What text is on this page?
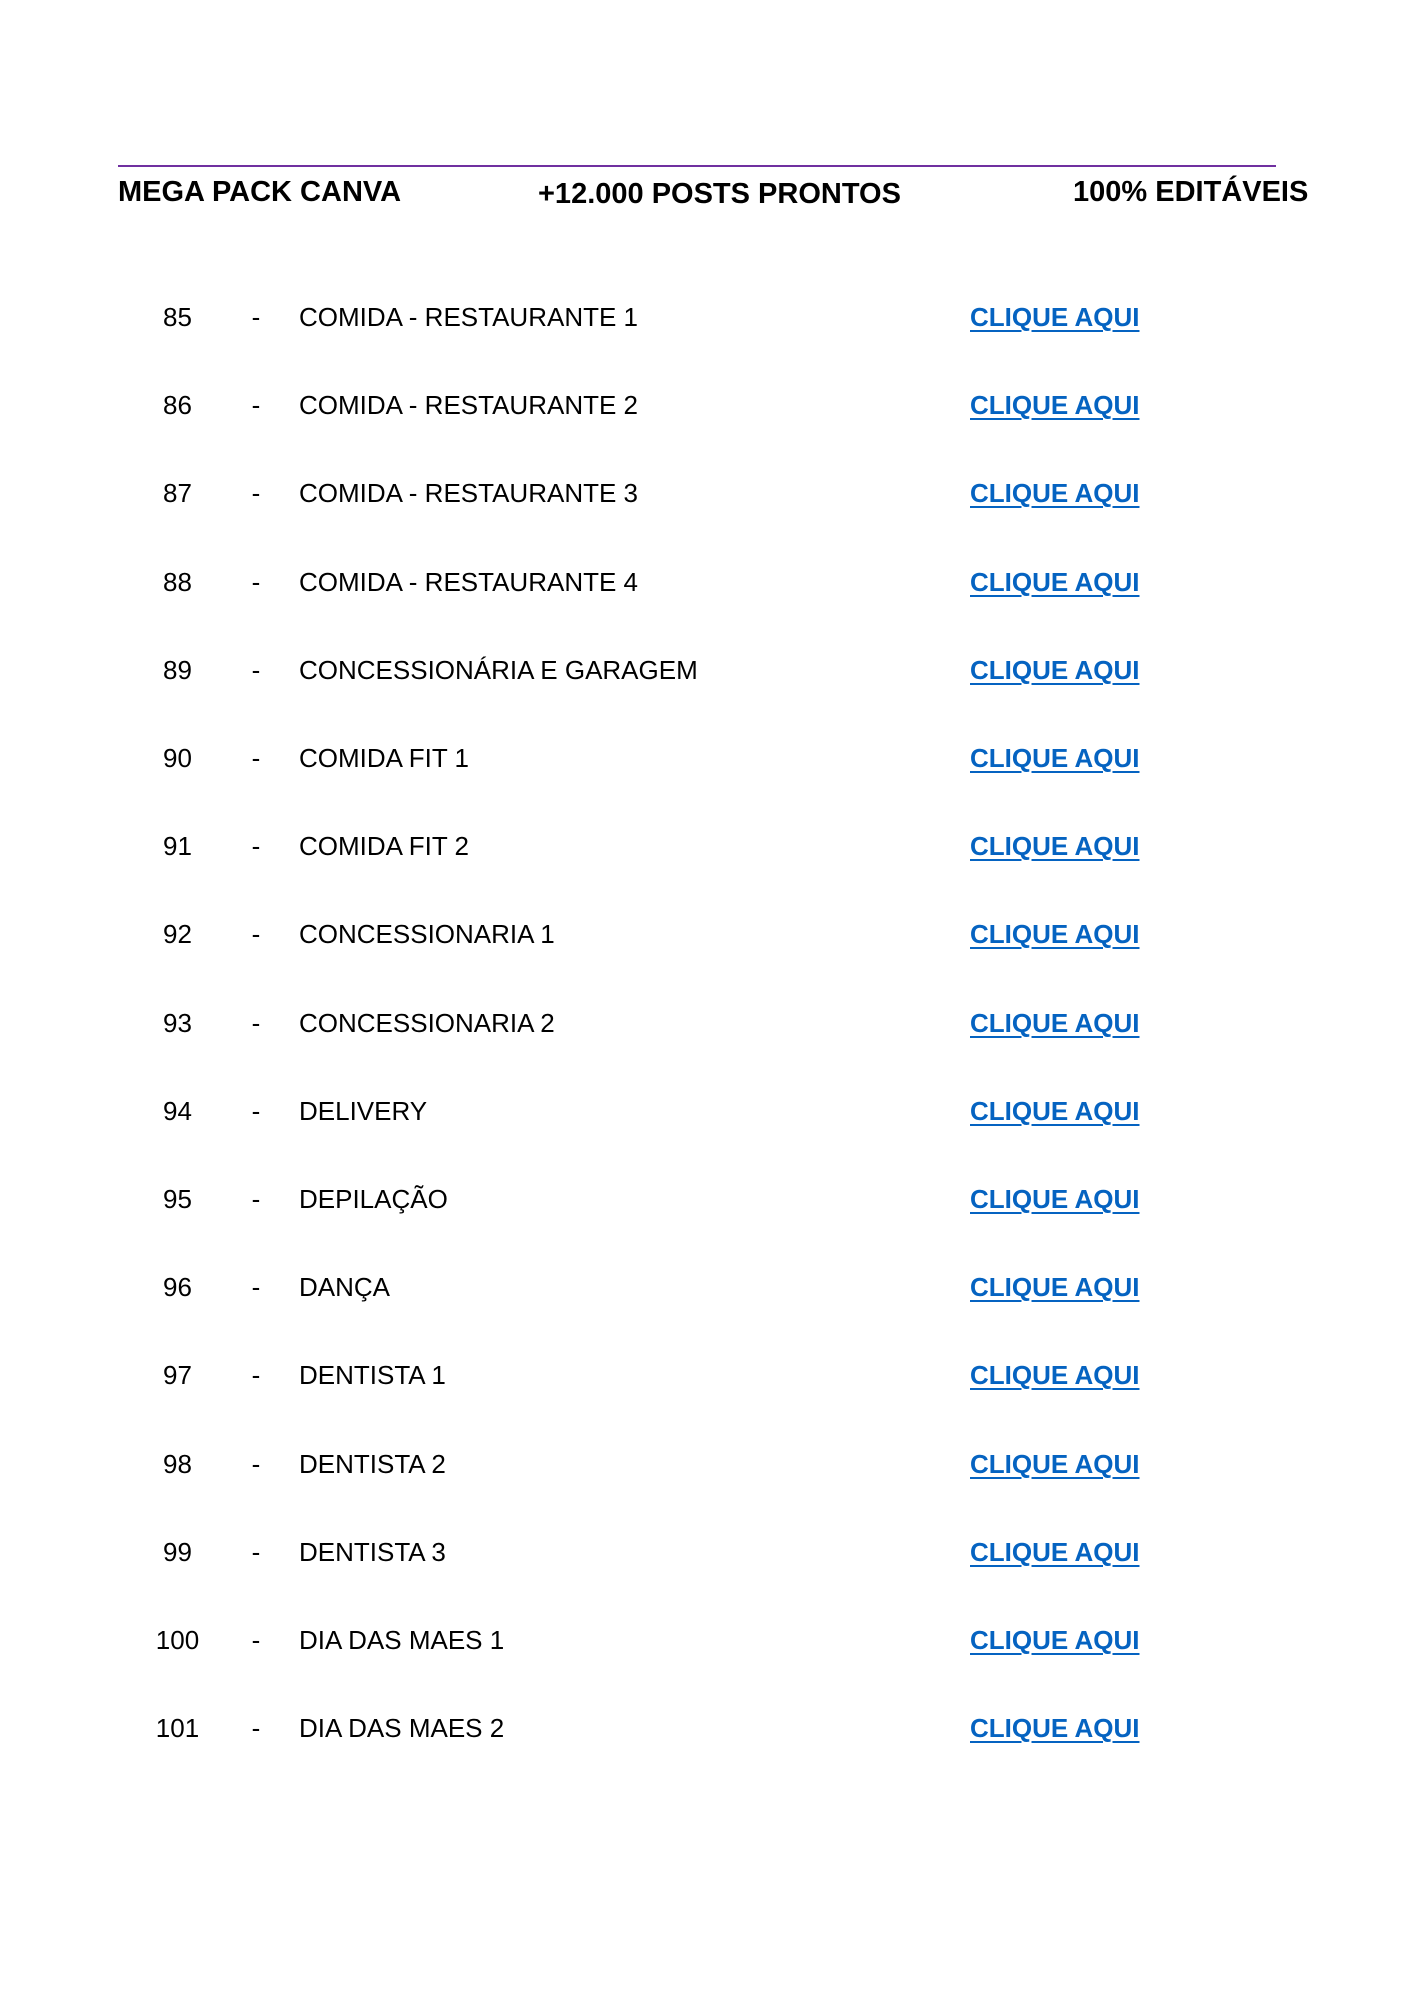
MEGA PACK CANVA	+12.000 POSTS PRONTOS	100% EDITÁVEIS
85	- COMIDA - RESTAURANTE 1	CLIQUE AQUI
86	- COMIDA - RESTAURANTE 2	CLIQUE AQUI
87	- COMIDA - RESTAURANTE 3	CLIQUE AQUI
88	- COMIDA - RESTAURANTE 4	CLIQUE AQUI
89	- CONCESSIONÁRIA E GARAGEM	CLIQUE AQUI
90	- COMIDA FIT 1	CLIQUE AQUI
91	- COMIDA FIT 2	CLIQUE AQUI
92	- CONCESSIONARIA 1	CLIQUE AQUI
93	- CONCESSIONARIA 2	CLIQUE AQUI
94	- DELIVERY	CLIQUE AQUI
95	- DEPILAÇÃO	CLIQUE AQUI
96	- DANÇA	CLIQUE AQUI
97	- DENTISTA 1	CLIQUE AQUI
98	- DENTISTA 2	CLIQUE AQUI
99	- DENTISTA 3	CLIQUE AQUI
100	- DIA DAS MAES 1	CLIQUE AQUI
101	- DIA DAS MAES 2	CLIQUE AQUI
